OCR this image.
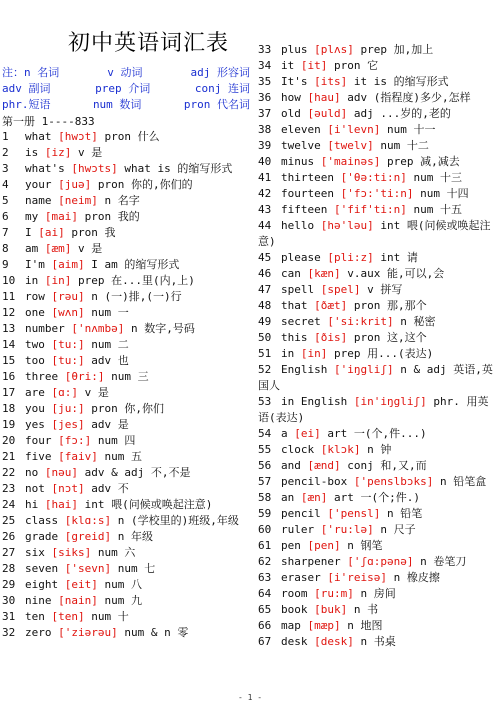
初中英语词汇表
注：n 名词	v 动词	adj 形容词
adv 副词	prep 介词	conj 连词
phr.短语	num 数词	pron 代名词
第一册 1----833
1 what [hwɔt] pron 什么
2 is [iz] v 是
3 what's [hwɔts] what is 的缩写形式
4 your [juə] pron 你的,你们的
5 name [neim] n 名字
6 my [mai] pron 我的
7 I [ai] pron 我
8 am [æm] v 是
9 I'm [aim] I am 的缩写形式
10 in [in] prep 在...里(内,上)
11 row [rəu] n (一)排,(一)行
12 one [wʌn] num 一
13 number ['nʌmbə] n 数字,号码
14 two [tu:] num 二
15 too [tu:] adv 也
16 three [θri:] num 三
17 are [ɑ:] v 是
18 you [ju:] pron 你,你们
19 yes [jes] adv 是
20 four [fɔ:] num 四
21 five [faiv] num 五
22 no [nəu] adv & adj 不,不是
23 not [nɔt] adv 不
24 hi [hai] int 喂(问候或唤起注意)
25 class [klɑ:s] n (学校里的)班级,年级
26 grade [greid] n 年级
27 six [siks] num 六
28 seven ['sevn] num 七
29 eight [eit] num 八
30 nine [nain] num 九
31 ten [ten] num 十
32 zero ['ziərəu] num & n 零
33 plus [plʌs] prep 加,加上
34 it [it] pron 它
35 It's [its] it is 的缩写形式
36 how [hau] adv (指程度)多少,怎样
37 old [əuld] adj ...岁的,老的
38 eleven [i'levn] num 十一
39 twelve [twelv] num 十二
40 minus ['mainəs] prep 减,减去
41 thirteen ['θə:ti:n] num 十三
42 fourteen ['fɔ:'ti:n] num 十四
43 fifteen ['fif'ti:n] num 十五
44 hello [hə'ləu] int 喂(问候或唤起注意)
45 please [pli:z] int 请
46 can [kæn] v.aux 能,可以,会
47 spell [spel] v 拼写
48 that [ðæt] pron 那,那个
49 secret ['si:krit] n 秘密
50 this [ðis] pron 这,这个
51 in [in] prep 用...(表达)
52 English ['iŋgliʃ] n & adj 英语,英国人
53 in English [in'iŋgliʃ] phr. 用英语(表达)
54 a [ei] art 一(个,件...)
55 clock [klɔk] n 钟
56 and [ænd] conj 和,又,而
57 pencil-box ['penslbɔks] n 铅笔盒
58 an [æn] art 一(个;件.)
59 pencil ['pensl] n 铅笔
60 ruler ['ru:lə] n 尺子
61 pen [pen] n 钢笔
62 sharpener ['ʃɑ:pənə] n 卷笔刀
63 eraser [i'reisə] n 橡皮擦
64 room [ru:m] n 房间
65 book [buk] n 书
66 map [mæp] n 地图
67 desk [desk] n 书桌
- 1 -
